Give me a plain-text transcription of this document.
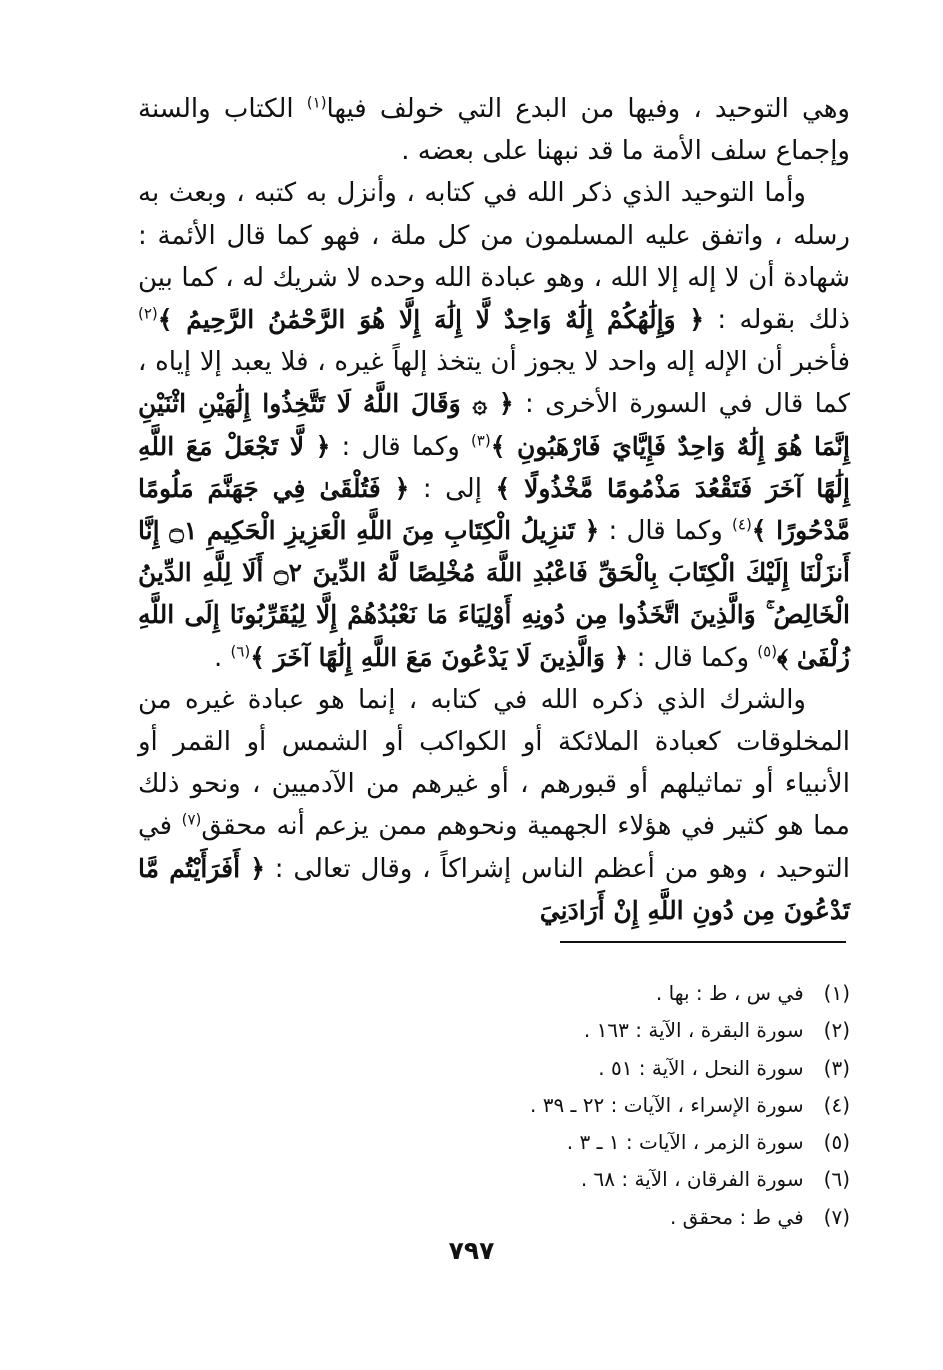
وهي التوحيد ، وفيها من البدع التي خولف فيها$^{(١)}$ الكتاب والسنة وإجماع سلف الأمة ما قد نبهنا على بعضه .

وأما التوحيد الذي ذكر الله في كتابه ، وأنزل به كتبه ، وبعث به رسله ، واتفق عليه المسلمون من كل ملة ، فهو كما قال الأئمة : شهادة أن لا إله إلا الله ، وهو عبادة الله وحده لا شريك له ، كما بين ذلك بقوله : ﴿ وَإِلَٰهُكُمْ إِلَٰهٌ وَاحِدٌ لَّا إِلَٰهَ إِلَّا هُوَ الرَّحْمَٰنُ الرَّحِيمُ ﴾$^{(٢)}$ فأخبر أن الإله إله واحد لا يجوز أن يتخذ إلهاً غيره ، فلا يعبد إلا إياه ، كما قال في السورة الأخرى : ﴿ ۞ وَقَالَ اللَّهُ لَا تَتَّخِذُوا إِلَٰهَيْنِ اثْنَيْنِ إِنَّمَا هُوَ إِلَٰهٌ وَاحِدٌ فَإِيَّايَ فَارْهَبُونِ ﴾$^{(٣)}$ وكما قال : ﴿ لَّا تَجْعَلْ مَعَ اللَّهِ إِلَٰهًا آخَرَ فَتَقْعُدَ مَذْمُومًا مَّخْذُولًا ﴾ إلى : ﴿ فَتُلْقَىٰ فِي جَهَنَّمَ مَلُومًا مَّدْحُورًا ﴾$^{(٤)}$ وكما قال : ﴿ تَنزِيلُ الْكِتَابِ مِنَ اللَّهِ الْعَزِيزِ الْحَكِيمِ ۝١ إِنَّا أَنزَلْنَا إِلَيْكَ الْكِتَابَ بِالْحَقِّ فَاعْبُدِ اللَّهَ مُخْلِصًا لَّهُ الدِّينَ ۝٢ أَلَا لِلَّهِ الدِّينُ الْخَالِصُ ۚ وَالَّذِينَ اتَّخَذُوا مِن دُونِهِ أَوْلِيَاءَ مَا نَعْبُدُهُمْ إِلَّا لِيُقَرِّبُونَا إِلَى اللَّهِ زُلْفَىٰ ﴾$^{(٥)}$ وكما قال : ﴿ وَالَّذِينَ لَا يَدْعُونَ مَعَ اللَّهِ إِلَٰهًا آخَرَ ﴾$^{(٦)}$ .

والشرك الذي ذكره الله في كتابه ، إنما هو عبادة غيره من المخلوقات كعبادة الملائكة أو الكواكب أو الشمس أو القمر أو الأنبياء أو تماثيلهم أو قبورهم ، أو غيرهم من الآدميين ، ونحو ذلك مما هو كثير في هؤلاء الجهمية ونحوهم ممن يزعم أنه محقق$^{(٧)}$ في التوحيد ، وهو من أعظم الناس إشراكاً ، وقال تعالى : ﴿ أَفَرَأَيْتُم مَّا تَدْعُونَ مِن دُونِ اللَّهِ إِنْ أَرَادَنِيَ

(١) في س ، ط : بها .
(٢) سورة البقرة ، الآية : ١٦٣ .
(٣) سورة النحل ، الآية : ٥١ .
(٤) سورة الإسراء ، الآيات : ٢٢ ـ ٣٩ .
(٥) سورة الزمر ، الآيات : ١ ـ ٣ .
(٦) سورة الفرقان ، الآية : ٦٨ .
(٧) في ط : محقق .
٧٩٧
